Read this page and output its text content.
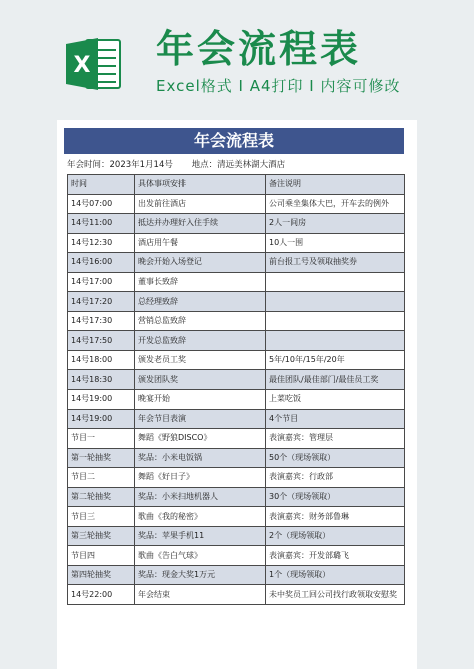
X 年会流程表
Excel格式 I A4打印 I 内容可修改
年会流程表
年会时间：2023年1月14号 地点：清远美林湖大酒店
时间	具体事项安排	备注说明
14号07:00	出发前往酒店	公司乘坐集体大巴，开车去的例外
14号11:00	抵达并办理好入住手续	2人一间房
14号12:30	酒店用午餐	10人一围
14号16:00	晚会开始入场登记	前台报工号及领取抽奖券
14号17:00	董事长致辞	
14号17:20	总经理致辞	
14号17:30	营销总监致辞	
14号17:50	开发总监致辞	
14号18:00	颁发老员工奖	5年/10年/15年/20年
14号18:30	颁发团队奖	最佳团队/最佳部门/最佳员工奖
14号19:00	晚宴开始	上菜吃饭
14号19:00	年会节目表演	4个节目
节目一	舞蹈《野狼DISCO》	表演嘉宾：管理层
第一轮抽奖	奖品：小米电饭锅	50个（现场领取）
节目二	舞蹈《好日子》	表演嘉宾：行政部
第二轮抽奖	奖品：小米扫地机器人	30个（现场领取）
节目三	歌曲《我的秘密》	表演嘉宾：财务部鲁琳
第三轮抽奖	奖品：苹果手机11	2个（现场领取）
节目四	歌曲《告白气球》	表演嘉宾：开发部璐飞
第四轮抽奖	奖品：现金大奖1万元	1个（现场领取）
14号22:00	年会结束	未中奖员工回公司找行政领取安慰奖
